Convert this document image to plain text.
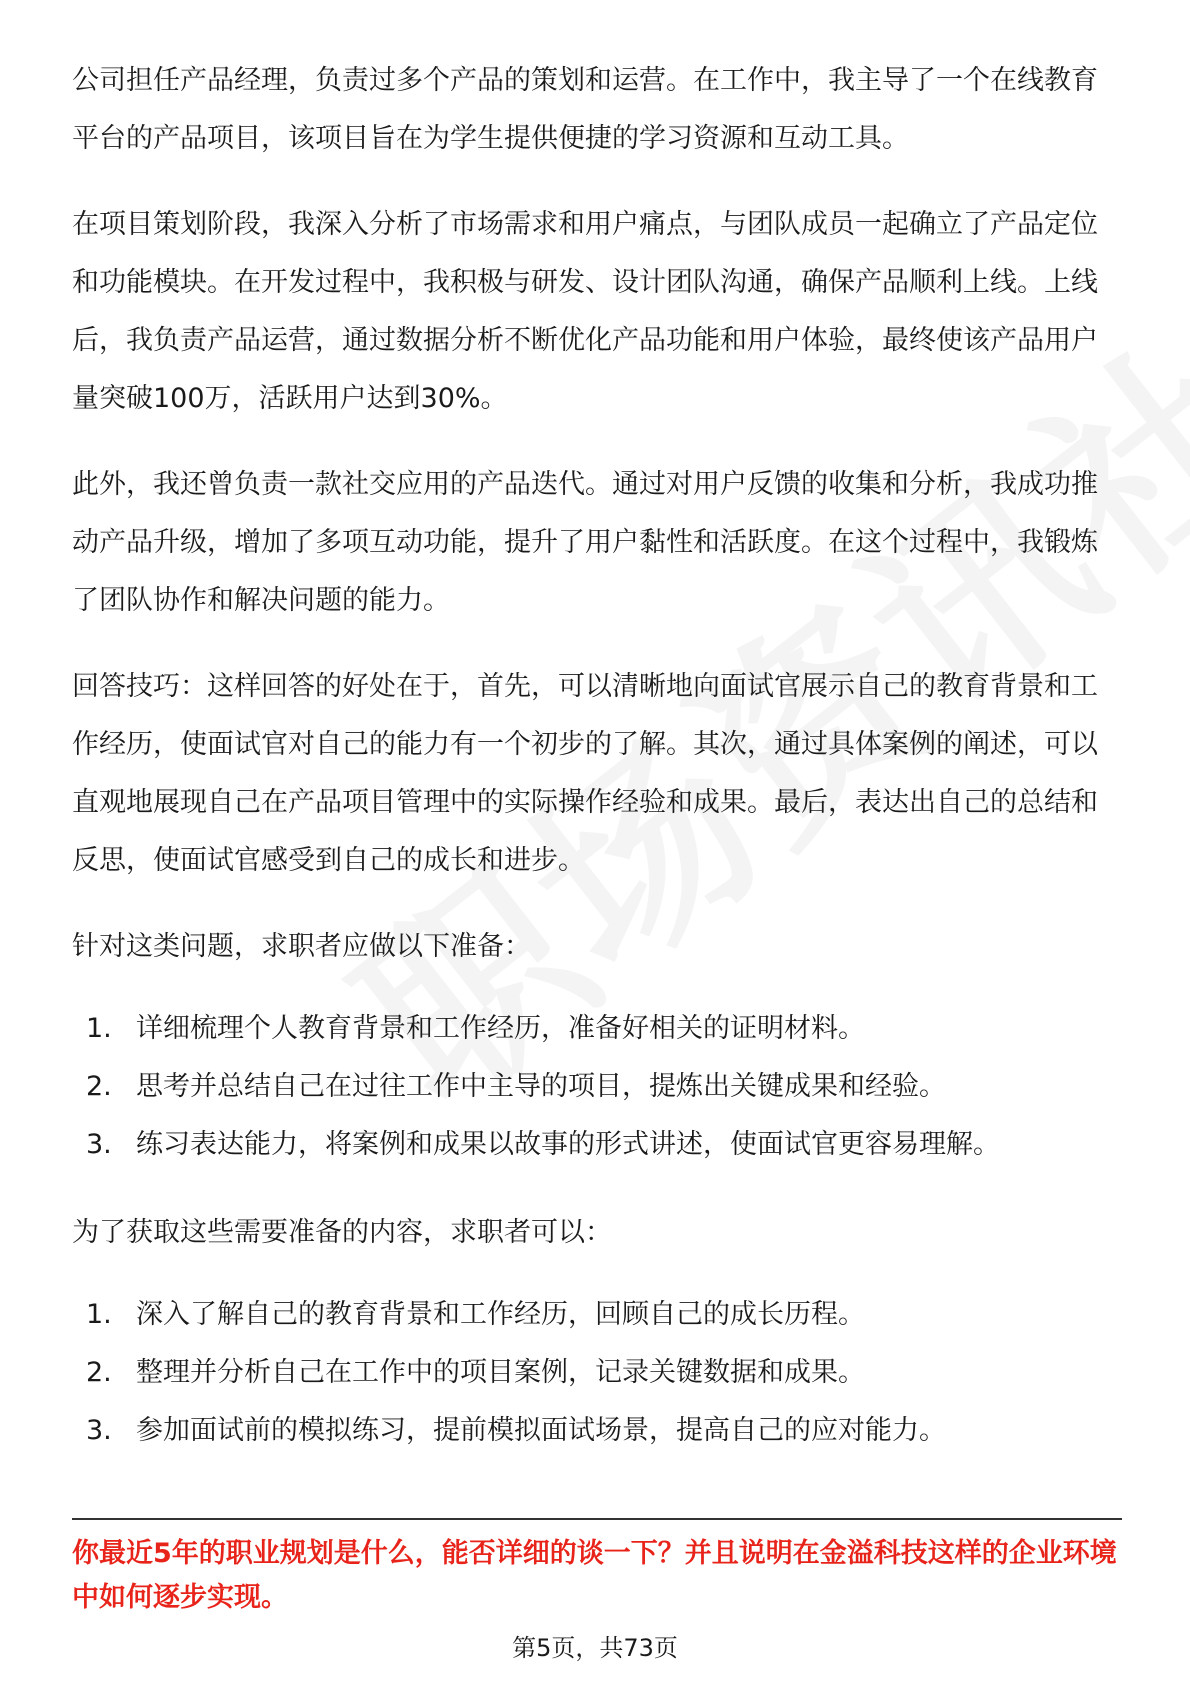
公司担任产品经理，负责过多个产品的策划和运营。在工作中，我主导了一个在线教育平台的产品项目，该项目旨在为学生提供便捷的学习资源和互动工具。

在项目策划阶段，我深入分析了市场需求和用户痛点，与团队成员一起确立了产品定位和功能模块。在开发过程中，我积极与研发、设计团队沟通，确保产品顺利上线。上线后，我负责产品运营，通过数据分析不断优化产品功能和用户体验，最终使该产品用户量突破100万，活跃用户达到30%。

此外，我还曾负责一款社交应用的产品迭代。通过对用户反馈的收集和分析，我成功推动产品升级，增加了多项互动功能，提升了用户黏性和活跃度。在这个过程中，我锻炼了团队协作和解决问题的能力。

回答技巧：这样回答的好处在于，首先，可以清晰地向面试官展示自己的教育背景和工作经历，使面试官对自己的能力有一个初步的了解。其次，通过具体案例的阐述，可以直观地展现自己在产品项目管理中的实际操作经验和成果。最后，表达出自己的总结和反思，使面试官感受到自己的成长和进步。

针对这类问题，求职者应做以下准备：

1. 详细梳理个人教育背景和工作经历，准备好相关的证明材料。
2. 思考并总结自己在过往工作中主导的项目，提炼出关键成果和经验。
3. 练习表达能力，将案例和成果以故事的形式讲述，使面试官更容易理解。

为了获取这些需要准备的内容，求职者可以：

1. 深入了解自己的教育背景和工作经历，回顾自己的成长历程。
2. 整理并分析自己在工作中的项目案例，记录关键数据和成果。
3. 参加面试前的模拟练习，提前模拟面试场景，提高自己的应对能力。

你最近5年的职业规划是什么，能否详细的谈一下？并且说明在金溢科技这样的企业环境中如何逐步实现。

第5页，共73页
